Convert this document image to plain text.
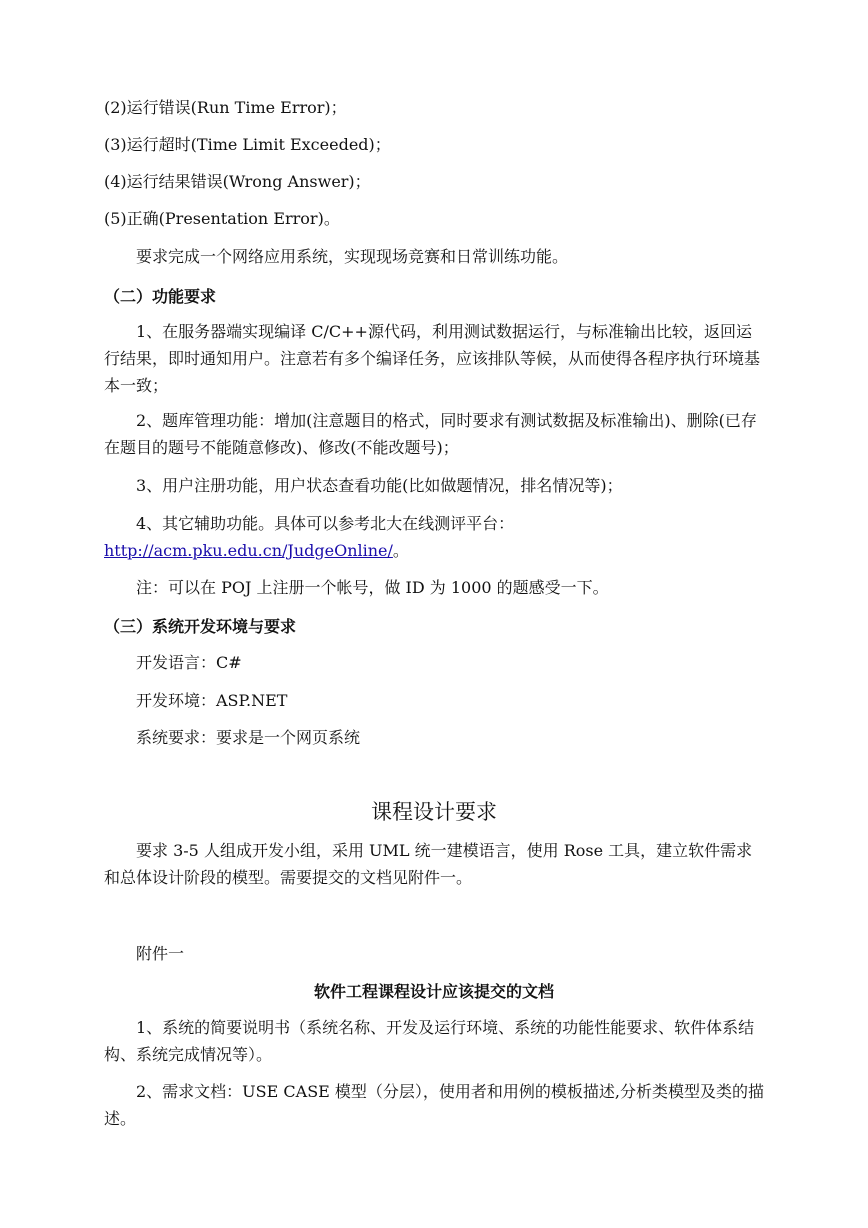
(2)运行错误(Run Time Error)；
(3)运行超时(Time Limit Exceeded)；
(4)运行结果错误(Wrong Answer)；
(5)正确(Presentation Error)。
要求完成一个网络应用系统，实现现场竞赛和日常训练功能。
（二）功能要求
1、在服务器端实现编译 C/C++源代码，利用测试数据运行，与标准输出比较，返回运行结果，即时通知用户。注意若有多个编译任务，应该排队等候，从而使得各程序执行环境基本一致；
2、题库管理功能：增加(注意题目的格式，同时要求有测试数据及标准输出)、删除(已存在题目的题号不能随意修改)、修改(不能改题号)；
3、用户注册功能，用户状态查看功能(比如做题情况，排名情况等)；
4、其它辅助功能。具体可以参考北大在线测评平台：
http://acm.pku.edu.cn/JudgeOnline/。
注：可以在 POJ 上注册一个帐号，做 ID 为 1000 的题感受一下。
（三）系统开发环境与要求
开发语言：C#
开发环境：ASP.NET
系统要求：要求是一个网页系统
课程设计要求
要求 3-5 人组成开发小组，采用 UML 统一建模语言，使用 Rose 工具，建立软件需求和总体设计阶段的模型。需要提交的文档见附件一。
附件一
软件工程课程设计应该提交的文档
1、系统的简要说明书（系统名称、开发及运行环境、系统的功能性能要求、软件体系结构、系统完成情况等）。
2、需求文档：USE CASE 模型（分层），使用者和用例的模板描述,分析类模型及类的描述。
